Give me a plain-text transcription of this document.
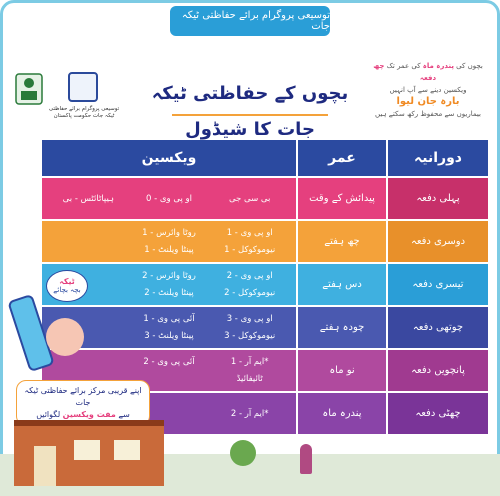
توسیعی پروگرام برائے حفاظتی ٹیکہ جات
توسیعی پروگرام برائے حفاظتی ٹیکہ جات حکومت پاکستان
بچوں کے حفاظتی ٹیکہ جات کا شیڈول
بچوں کی پندرہ ماہ کی عمر تک چھ دفعہ
ویکسین دینے سے آپ انہیں
بارہ جان لیوا
بیماریوں سے محفوظ رکھ سکتے ہیں
دورانیہ
عمر
ویکسین
پہلی دفعہ
پیدائش کے وقت
بی سی جی
او پی وی - 0
ہیپاٹائٹس - بی
دوسری دفعہ
چھ ہفتے
او پی وی - 1
روٹا وائرس - 1
نیوموکوکل - 1
پینٹا ویلنٹ - 1
تیسری دفعہ
دس ہفتے
او پی وی - 2
روٹا وائرس - 2
نیوموکوکل - 2
پینٹا ویلنٹ - 2
چوتھی دفعہ
چودہ ہفتے
او پی وی - 3
آئی پی وی - 1
نیوموکوکل - 3
پینٹا ویلنٹ - 3
پانچویں دفعہ
نو ماہ
*ایم آر - 1
آئی پی وی - 2
ٹائیفائیڈ
چھٹی دفعہ
پندرہ ماہ
*ایم آر - 2
ٹیکہ
بچہ بچائے
اپنے قریبی مرکز برائے حفاظتی ٹیکہ جات
سے مفت ویکسین لگوائیں
